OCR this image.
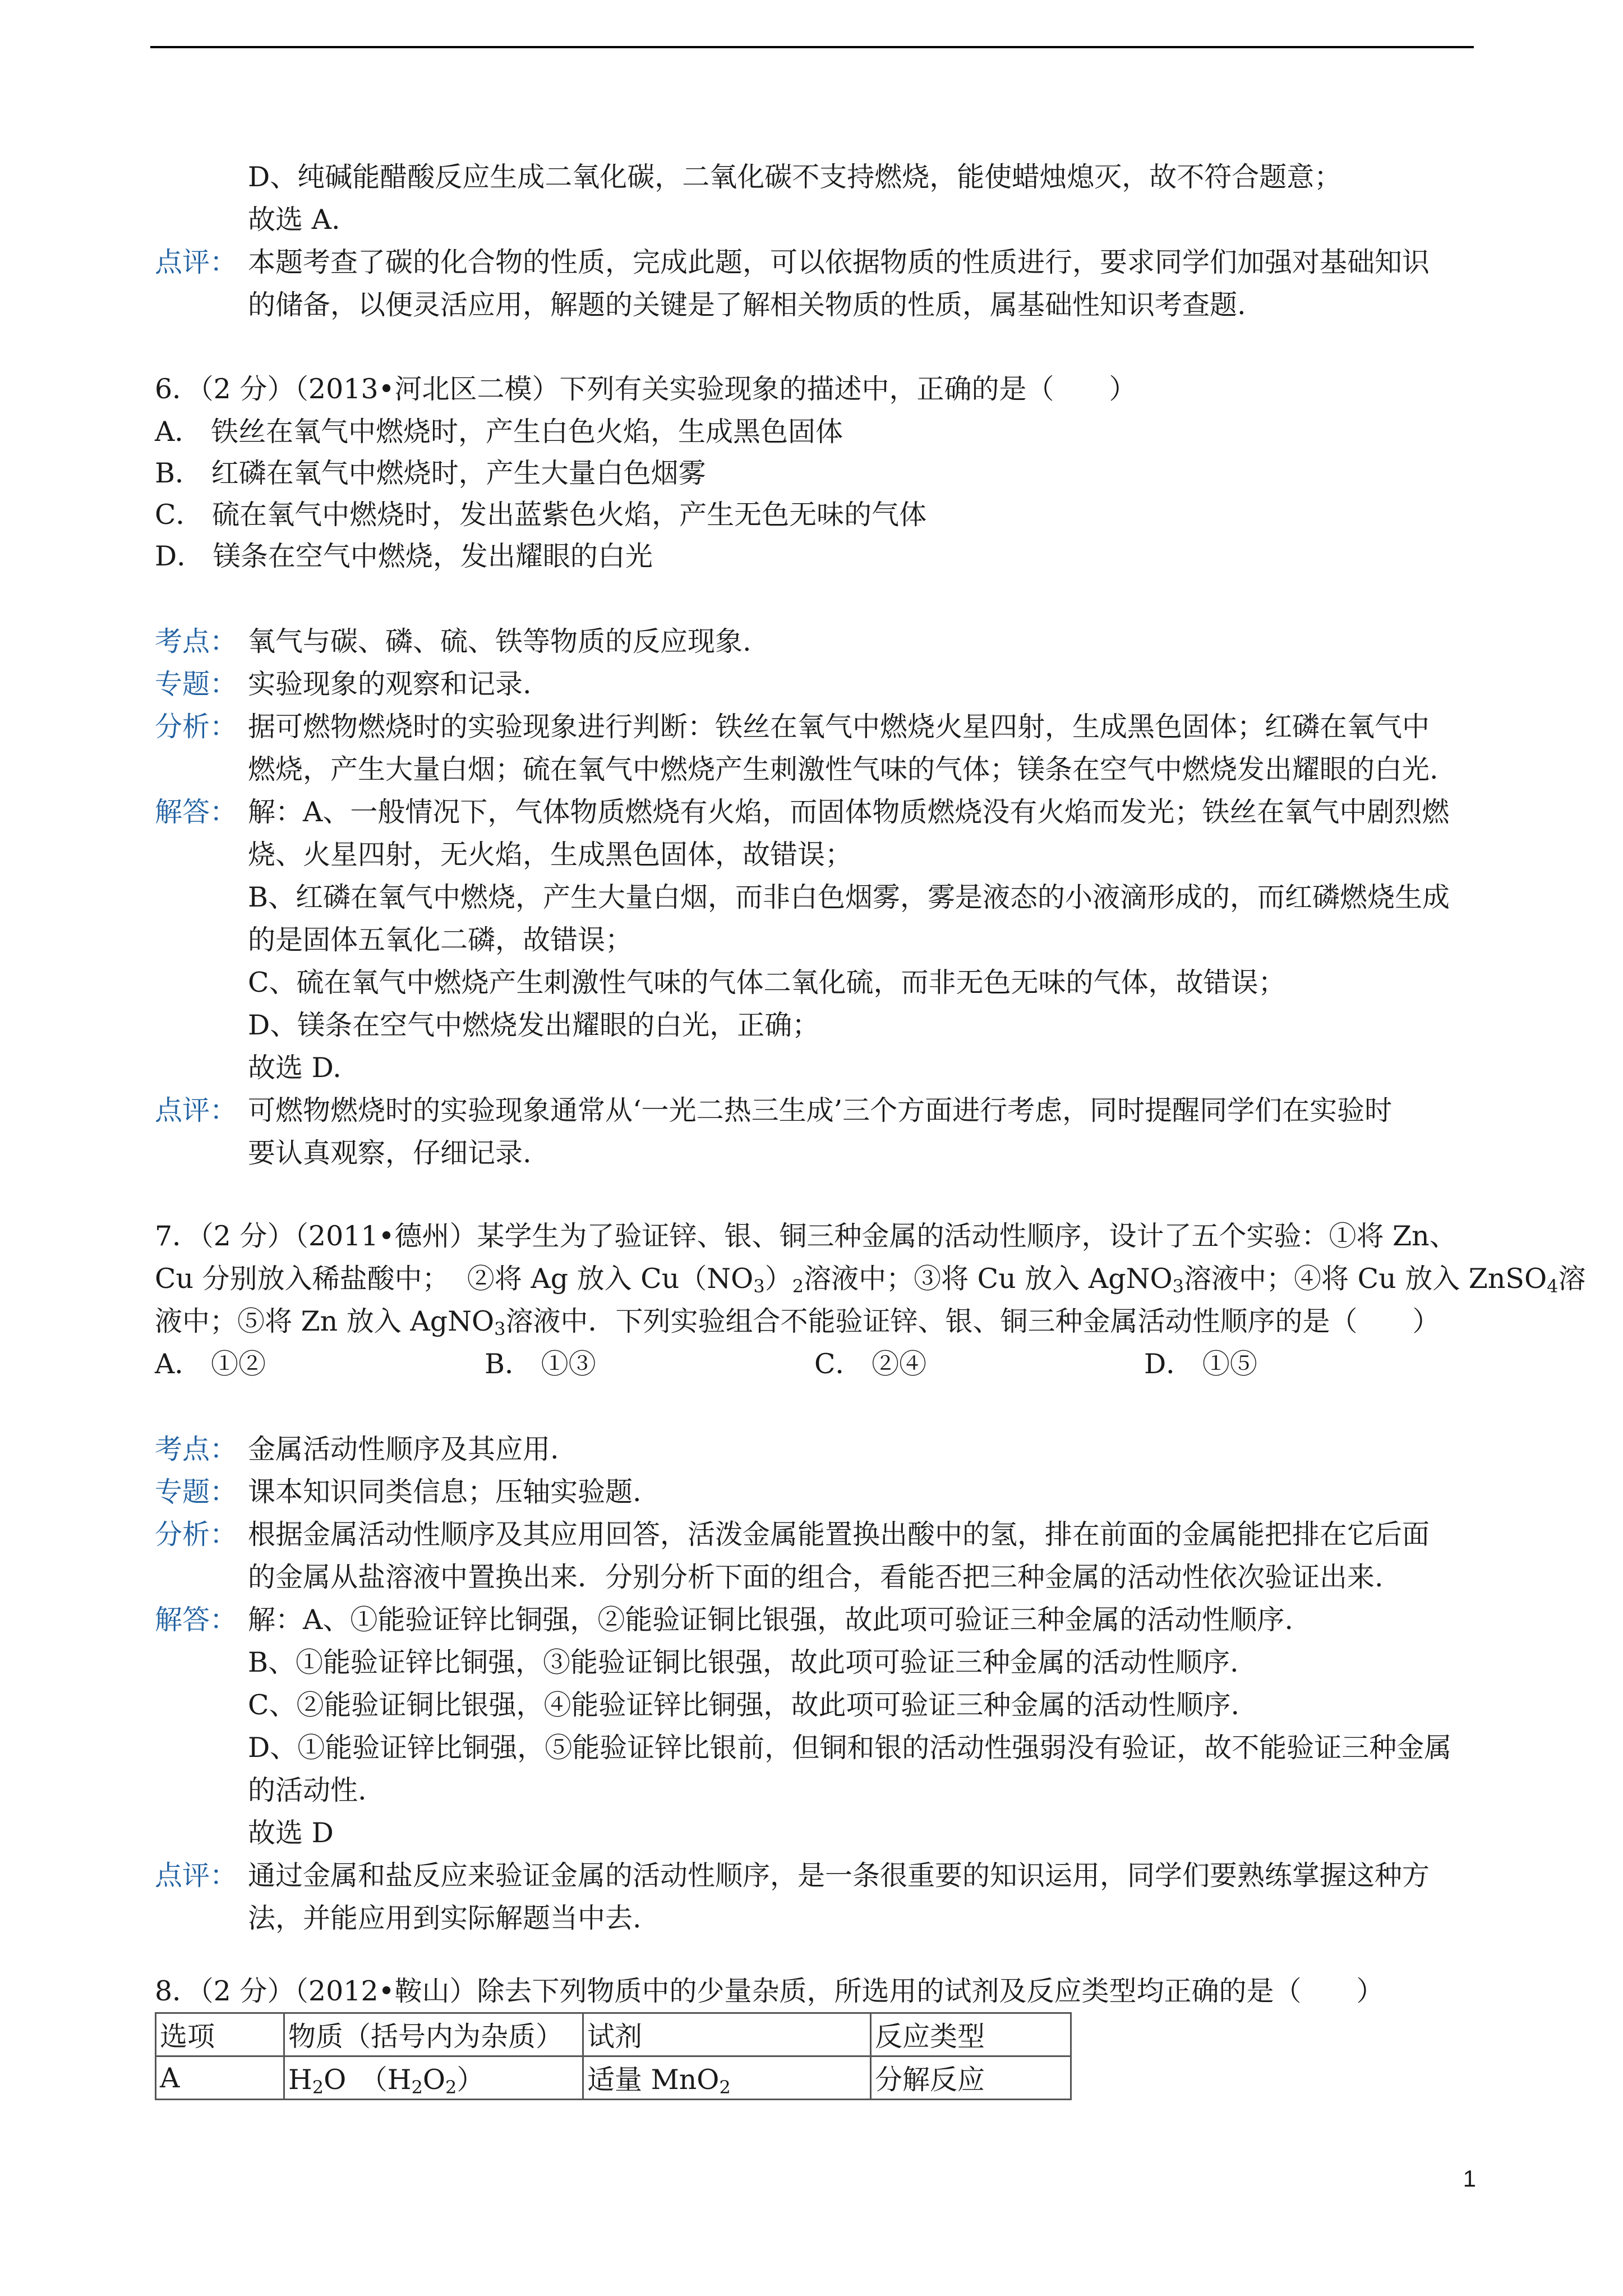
D、纯碱能醋酸反应生成二氧化碳，二氧化碳不支持燃烧，能使蜡烛熄灭，故不符合题意；
故选 A.
点评： 本题考查了碳的化合物的性质，完成此题，可以依据物质的性质进行，要求同学们加强对基础知识
的储备，以便灵活应用，解题的关键是了解相关物质的性质，属基础性知识考查题.
6．（2 分）（2013•河北区二模）下列有关实验现象的描述中，正确的是（　　）
A． 铁丝在氧气中燃烧时，产生白色火焰，生成黑色固体
B． 红磷在氧气中燃烧时，产生大量白色烟雾
C． 硫在氧气中燃烧时，发出蓝紫色火焰，产生无色无味的气体
D． 镁条在空气中燃烧，发出耀眼的白光
考点： 氧气与碳、磷、硫、铁等物质的反应现象.
专题： 实验现象的观察和记录.
分析： 据可燃物燃烧时的实验现象进行判断：铁丝在氧气中燃烧火星四射，生成黑色固体；红磷在氧气中
燃烧，产生大量白烟；硫在氧气中燃烧产生刺激性气味的气体；镁条在空气中燃烧发出耀眼的白光.
解答： 解：A、一般情况下，气体物质燃烧有火焰，而固体物质燃烧没有火焰而发光；铁丝在氧气中剧烈燃
烧、火星四射，无火焰，生成黑色固体，故错误；
B、红磷在氧气中燃烧，产生大量白烟，而非白色烟雾，雾是液态的小液滴形成的，而红磷燃烧生成
的是固体五氧化二磷，故错误；
C、硫在氧气中燃烧产生刺激性气味的气体二氧化硫，而非无色无味的气体，故错误；
D、镁条在空气中燃烧发出耀眼的白光，正确；
故选 D.
点评： 可燃物燃烧时的实验现象通常从‘一光二热三生成’三个方面进行考虑，同时提醒同学们在实验时
要认真观察，仔细记录.
7．（2 分）（2011•德州）某学生为了验证锌、银、铜三种金属的活动性顺序，设计了五个实验：①将 Zn、
Cu 分别放入稀盐酸中；  ②将 Ag 放入 $Cu(NO_3)_2$溶液中；③将 Cu 放入 AgNO$_3$溶液中；④将 Cu 放入 ZnSO$_4$溶
液中；⑤将 Zn 放入 AgNO$_3$溶液中．下列实验组合不能验证锌、银、铜三种金属活动性顺序的是（　　）
A． ①②	B． ①③	C． ②④	D． ①⑤
考点： 金属活动性顺序及其应用.
专题： 课本知识同类信息；压轴实验题.
分析： 根据金属活动性顺序及其应用回答，活泼金属能置换出酸中的氢，排在前面的金属能把排在它后面
的金属从盐溶液中置换出来．分别分析下面的组合，看能否把三种金属的活动性依次验证出来.
解答： 解：A、①能验证锌比铜强，②能验证铜比银强，故此项可验证三种金属的活动性顺序.
B、①能验证锌比铜强，③能验证铜比银强，故此项可验证三种金属的活动性顺序.
C、②能验证铜比银强，④能验证锌比铜强，故此项可验证三种金属的活动性顺序.
D、①能验证锌比铜强，⑤能验证锌比银前，但铜和银的活动性强弱没有验证，故不能验证三种金属
的活动性.
故选 D
点评： 通过金属和盐反应来验证金属的活动性顺序，是一条很重要的知识运用，同学们要熟练掌握这种方
法，并能应用到实际解题当中去.
8．（2 分）（2012•鞍山）除去下列物质中的少量杂质，所选用的试剂及反应类型均正确的是（　　）
选项	物质（括号内为杂质）	试剂	反应类型
A	$H_2O$　$(H_2O_2)$	适量 MnO$_2$	分解反应
1
